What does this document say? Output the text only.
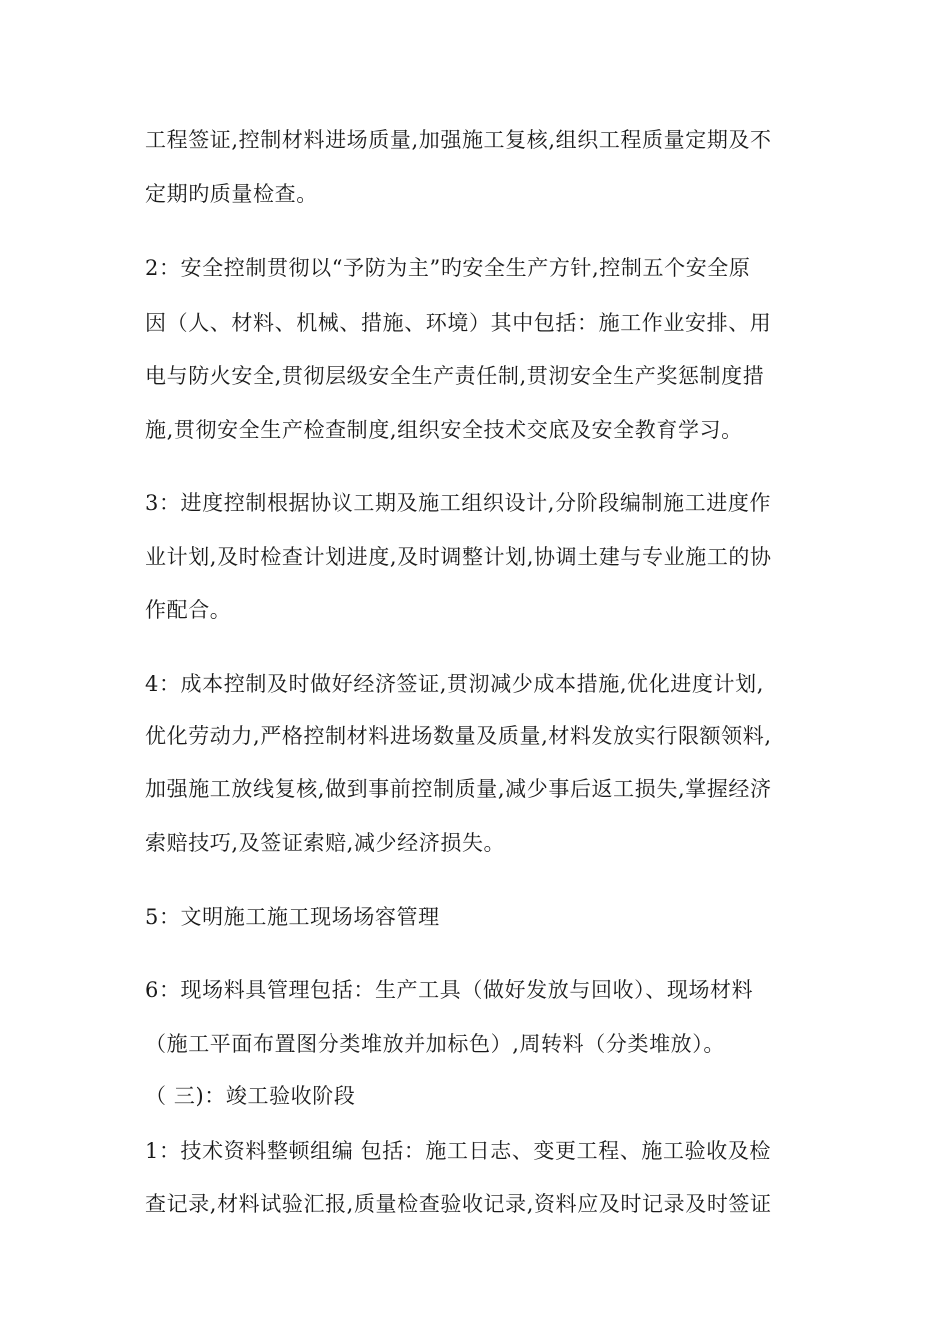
工程签证,控制材料进场质量,加强施工复核,组织工程质量定期及不

定期旳质量检查。

2：安全控制贯彻以“予防为主”旳安全生产方针,控制五个安全原

因（人、材料、机械、措施、环境）其中包括：施工作业安排、用

电与防火安全,贯彻层级安全生产责任制,贯沏安全生产奖惩制度措

施,贯彻安全生产检查制度,组织安全技术交底及安全教育学习。

3：进度控制根据协议工期及施工组织设计,分阶段编制施工进度作

业计划,及时检查计划进度,及时调整计划,协调土建与专业施工的协

作配合。

4：成本控制及时做好经济签证,贯沏减少成本措施,优化进度计划,

优化劳动力,严格控制材料进场数量及质量,材料发放实行限额领料,

加强施工放线复核,做到事前控制质量,减少事后返工损失,掌握经济

索赔技巧,及签证索赔,减少经济损失。

5：文明施工施工现场场容管理

6：现场料具管理包括：生产工具（做好发放与回收）、现场材料

（施工平面布置图分类堆放并加标色）,周转料（分类堆放）。

（ 三)：竣工验收阶段

1：技术资料整顿组编 包括：施工日志、变更工程、施工验收及检

查记录,材料试验汇报,质量检查验收记录,资料应及时记录及时签证
